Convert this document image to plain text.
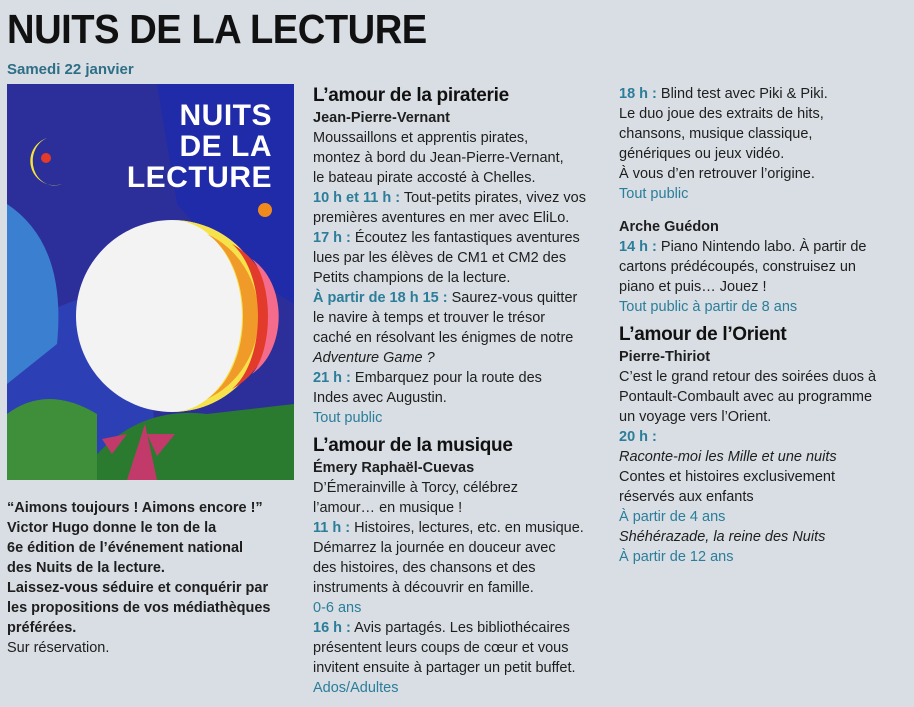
NUITS DE LA LECTURE
Samedi 22 janvier
NUITS
DE LA
LECTURE
“Aimons toujours ! Aimons encore !”
Victor Hugo donne le ton de la
6e édition de l’événement national
des Nuits de la lecture.
Laissez-vous séduire et conquérir par
les propositions de vos médiathèques
préférées.
Sur réservation.
L’amour de la piraterie
Jean-Pierre-Vernant

Moussaillons et apprentis pirates,

montez à bord du Jean-Pierre-Vernant,

le bateau pirate accosté à Chelles.

10 h et 11 h : Tout-petits pirates, vivez vos

premières aventures en mer avec EliLo.

17 h : Écoutez les fantastiques aventures

lues par les élèves de CM1 et CM2 des

Petits champions de la lecture.

À partir de 18 h 15 : Saurez-vous quitter

le navire à temps et trouver le trésor

caché en résolvant les énigmes de notre

Adventure Game ?

21 h : Embarquez pour la route des

Indes avec Augustin.

Tout public

L’amour de la musique
Émery Raphaël-Cuevas

D’Émerainville à Torcy, célébrez

l’amour… en musique !

11 h : Histoires, lectures, etc. en musique.

Démarrez la journée en douceur avec

des histoires, des chansons et des

instruments à découvrir en famille.

0-6 ans

16 h : Avis partagés. Les bibliothécaires

présentent leurs coups de cœur et vous

invitent ensuite à partager un petit buffet.

Ados/Adultes

18 h : Blind test avec Piki & Piki.

Le duo joue des extraits de hits,

chansons, musique classique,

génériques ou jeux vidéo.

À vous d’en retrouver l’origine.

Tout public

Arche Guédon

14 h : Piano Nintendo labo. À partir de

cartons prédécoupés, construisez un

piano et puis… Jouez !

Tout public à partir de 8 ans

L’amour de l’Orient
Pierre-Thiriot

C’est le grand retour des soirées duos à

Pontault-Combault avec au programme

un voyage vers l’Orient.

20 h :

Raconte-moi les Mille et une nuits

Contes et histoires exclusivement

réservés aux enfants

À partir de 4 ans

Shéhérazade, la reine des Nuits

À partir de 12 ans
